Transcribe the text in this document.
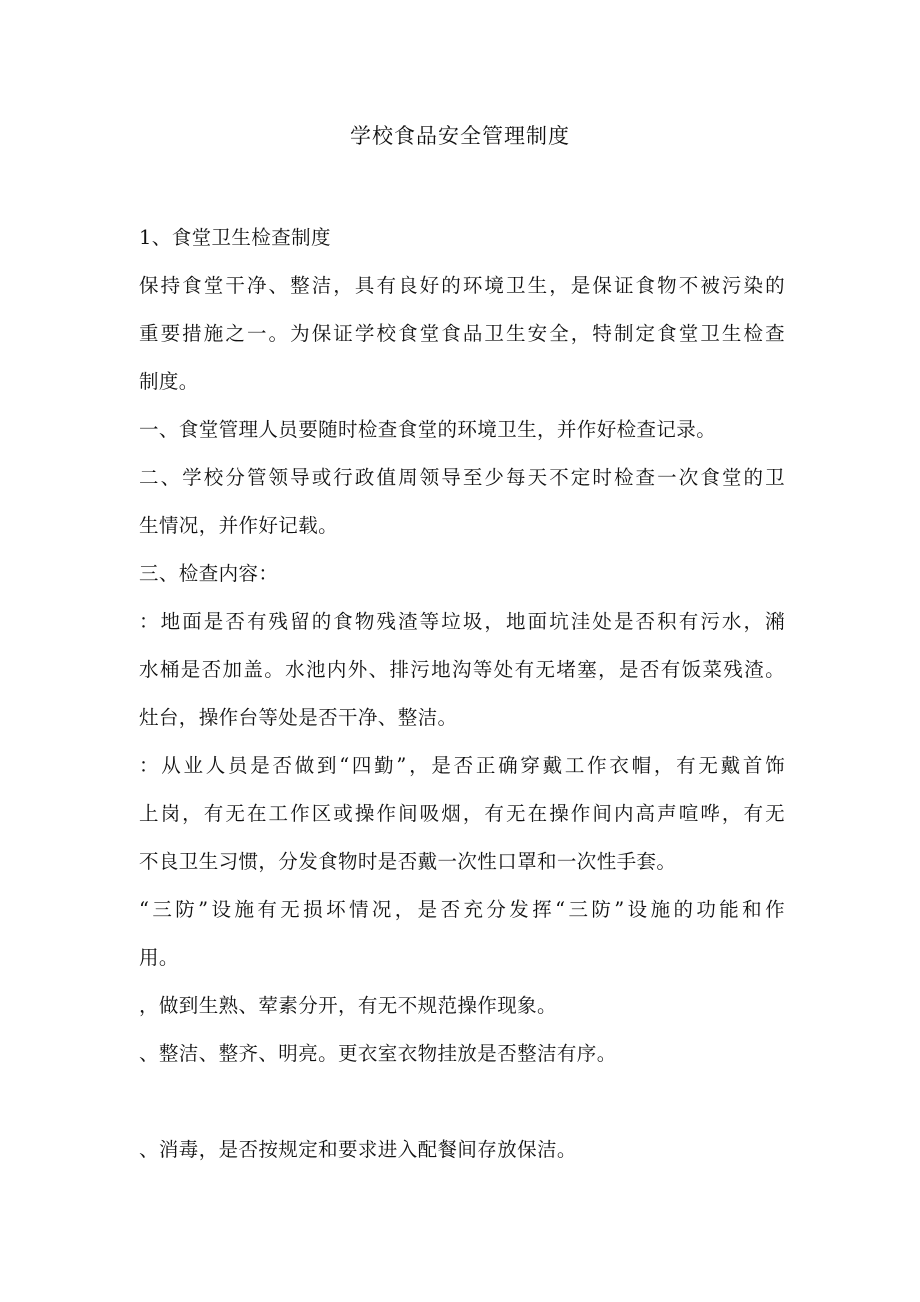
学校食品安全管理制度
1、食堂卫生检查制度
保持食堂干净、整洁，具有良好的环境卫生，是保证食物不被污染的
重要措施之一。为保证学校食堂食品卫生安全，特制定食堂卫生检查
制度。
一、食堂管理人员要随时检查食堂的环境卫生，并作好检查记录。
二、学校分管领导或行政值周领导至少每天不定时检查一次食堂的卫
生情况，并作好记载。
三、检查内容：
：地面是否有残留的食物残渣等垃圾，地面坑洼处是否积有污水，潲
水桶是否加盖。水池内外、排污地沟等处有无堵塞，是否有饭菜残渣。
灶台，操作台等处是否干净、整洁。
：从业人员是否做到“四勤”，是否正确穿戴工作衣帽，有无戴首饰
上岗，有无在工作区或操作间吸烟，有无在操作间内高声喧哗，有无
不良卫生习惯，分发食物时是否戴一次性口罩和一次性手套。
“三防”设施有无损坏情况，是否充分发挥“三防”设施的功能和作
用。
，做到生熟、荤素分开，有无不规范操作现象。
、整洁、整齐、明亮。更衣室衣物挂放是否整洁有序。
、消毒，是否按规定和要求进入配餐间存放保洁。
